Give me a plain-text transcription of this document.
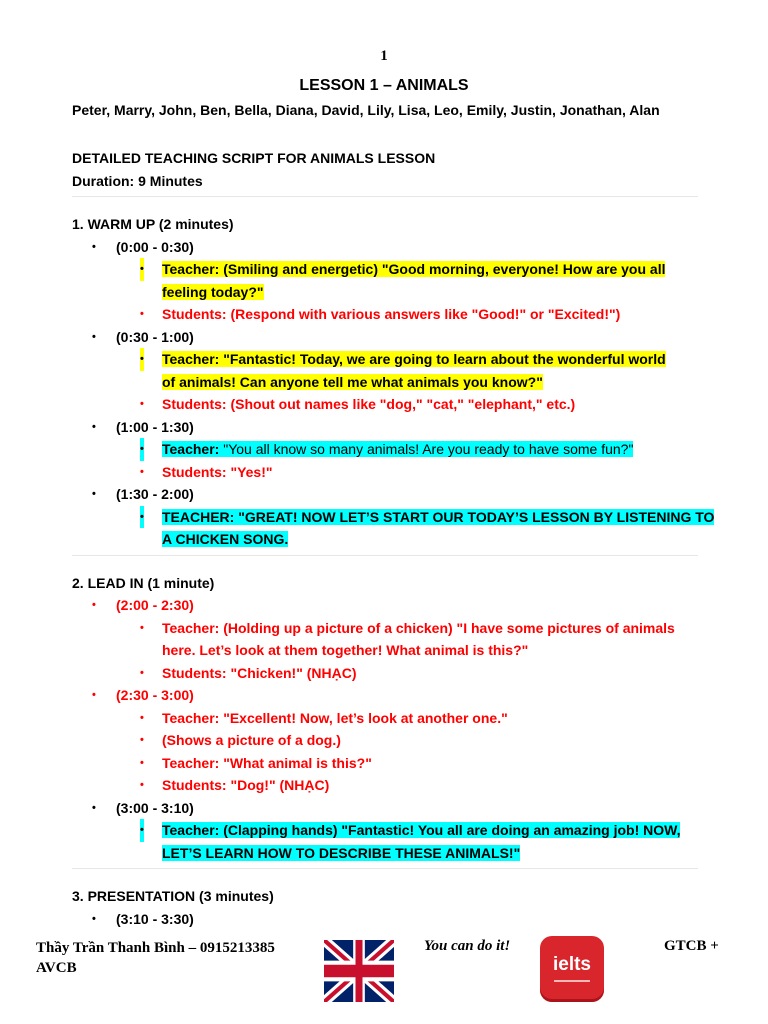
1
LESSON 1 – ANIMALS
Peter, Marry, John, Ben, Bella, Diana, David, Lily, Lisa, Leo, Emily, Justin, Jonathan, Alan
DETAILED TEACHING SCRIPT FOR ANIMALS LESSON
Duration: 9 Minutes
1. WARM UP (2 minutes)
• (0:00 - 0:30)
• Teacher: (Smiling and energetic) "Good morning, everyone! How are you all
feeling today?"
• Students: (Respond with various answers like "Good!" or "Excited!")
• (0:30 - 1:00)
• Teacher: "Fantastic! Today, we are going to learn about the wonderful world
of animals! Can anyone tell me what animals you know?"
• Students: (Shout out names like "dog," "cat," "elephant," etc.)
• (1:00 - 1:30)
• Teacher: "You all know so many animals! Are you ready to have some fun?"
• Students: "Yes!"
• (1:30 - 2:00)
• TEACHER: "GREAT! NOW LET’S START OUR TODAY’S LESSON BY LISTENING TO
A CHICKEN SONG.
2. LEAD IN (1 minute)
• (2:00 - 2:30)
• Teacher: (Holding up a picture of a chicken) "I have some pictures of animals
here. Let’s look at them together! What animal is this?"
• Students: "Chicken!" (NHẠC)
• (2:30 - 3:00)
• Teacher: "Excellent! Now, let’s look at another one."
• (Shows a picture of a dog.)
• Teacher: "What animal is this?"
• Students: "Dog!" (NHẠC)
• (3:00 - 3:10)
• Teacher: (Clapping hands) "Fantastic! You all are doing an amazing job! NOW,
LET’S LEARN HOW TO DESCRIBE THESE ANIMALS!"
3. PRESENTATION (3 minutes)
• (3:10 - 3:30)
Thầy Trần Thanh Bình – 0915213385
AVCB
You can do it!
ielts
GTCB +
